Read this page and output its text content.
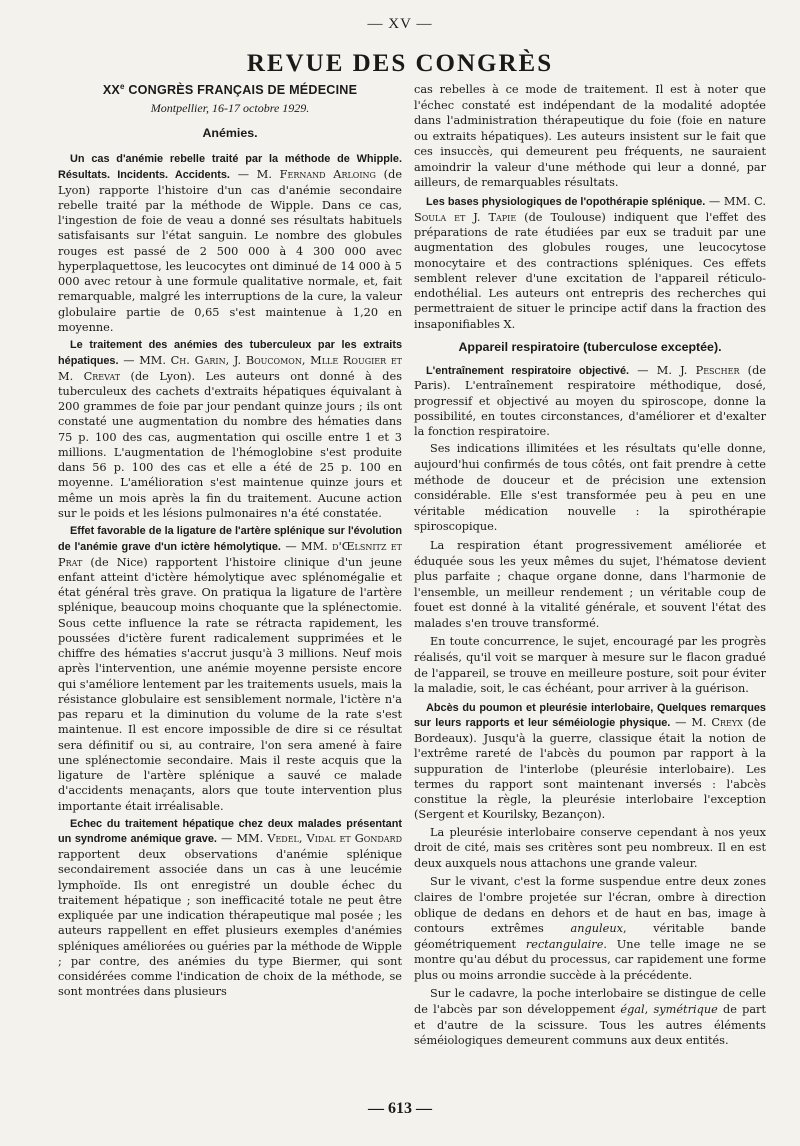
— XV —
REVUE DES CONGRÈS
XXe CONGRÈS FRANÇAIS DE MÉDECINE
Montpellier, 16-17 octobre 1929.
Anémies.

Un cas d'anémie rebelle traité par la méthode de Whipple. Résultats. Incidents. Accidents. — M. Fernand Arloing (de Lyon) rapporte l'histoire d'un cas d'anémie secondaire rebelle traité par la méthode de Wipple. Dans ce cas, l'ingestion de foie de veau a donné ses résultats habituels satisfaisants sur l'état sanguin. Le nombre des globules rouges est passé de 2 500 000 à 4 300 000 avec hyperplaquettose, les leucocytes ont diminué de 14 000 à 5 000 avec retour à une formule qualitative normale, et, fait remarquable, malgré les interruptions de la cure, la valeur globulaire partie de 0,65 s'est maintenue à 1,20 en moyenne.

Le traitement des anémies des tuberculeux par les extraits hépatiques. — MM. Ch. Garin, J. Boucomon, Mlle Rougier et M. Crevat (de Lyon). Les auteurs ont donné à des tuberculeux des cachets d'extraits hépatiques équivalant à 200 grammes de foie par jour pendant quinze jours ; ils ont constaté une augmentation du nombre des hématies dans 75 p. 100 des cas, augmentation qui oscille entre 1 et 3 millions. L'augmentation de l'hémoglobine s'est produite dans 56 p. 100 des cas et elle a été de 25 p. 100 en moyenne. L'amélioration s'est maintenue quinze jours et même un mois après la fin du traitement. Aucune action sur le poids et les lésions pulmonaires n'a été constatée.

Effet favorable de la ligature de l'artère splénique sur l'évolution de l'anémie grave d'un ictère hémolytique. — MM. d'Œlsnitz et Prat (de Nice) rapportent l'histoire clinique d'un jeune enfant atteint d'ictère hémolytique avec splénomégalie et état général très grave. On pratiqua la ligature de l'artère splénique, beaucoup moins choquante que la splénectomie. Sous cette influence la rate se rétracta rapidement, les poussées d'ictère furent radicalement supprimées et le chiffre des hématies s'accrut jusqu'à 3 millions. Neuf mois après l'intervention, une anémie moyenne persiste encore qui s'améliore lentement par les traitements usuels, mais la résistance globulaire est sensiblement normale, l'ictère n'a pas reparu et la diminution du volume de la rate s'est maintenue. Il est encore impossible de dire si ce résultat sera définitif ou si, au contraire, l'on sera amené à faire une splénectomie secondaire. Mais il reste acquis que la ligature de l'artère splénique a sauvé ce malade d'accidents menaçants, alors que toute intervention plus importante était irréalisable.

Echec du traitement hépatique chez deux malades présentant un syndrome anémique grave. — MM. Vedel, Vidal et Gondard rapportent deux observations d'anémie splénique secondairement associée dans un cas à une leucémie lymphoïde. Ils ont enregistré un double échec du traitement hépatique ; son inefficacité totale ne peut être expliquée par une indication thérapeutique mal posée ; les auteurs rappellent en effet plusieurs exemples d'anémies spléniques améliorées ou guéries par la méthode de Wipple ; par contre, des anémies du type Biermer, qui sont considérées comme l'indication de choix de la méthode, se sont montrées dans plusieurs

cas rebelles à ce mode de traitement. Il est à noter que l'échec constaté est indépendant de la modalité adoptée dans l'administration thérapeutique du foie (foie en nature ou extraits hépatiques). Les auteurs insistent sur le fait que ces insuccès, qui demeurent peu fréquents, ne sauraient amoindrir la valeur d'une méthode qui leur a donné, par ailleurs, de remarquables résultats.

Les bases physiologiques de l'opothérapie splénique. — MM. C. Soula et J. Tapie (de Toulouse) indiquent que l'effet des préparations de rate étudiées par eux se traduit par une augmentation des globules rouges, une leucocytose monocytaire et des contractions spléniques. Ces effets semblent relever d'une excitation de l'appareil réticulo-endothélial. Les auteurs ont entrepris des recherches qui permettraient de situer le principe actif dans la fraction des insaponifiables X.

Appareil respiratoire (tuberculose exceptée).

L'entraînement respiratoire objectivé. — M. J. Pescher (de Paris). L'entraînement respiratoire méthodique, dosé, progressif et objectivé au moyen du spiroscope, donne la possibilité, en toutes circonstances, d'améliorer et d'exalter la fonction respiratoire.

Ses indications illimitées et les résultats qu'elle donne, aujourd'hui confirmés de tous côtés, ont fait prendre à cette méthode de douceur et de précision une extension considérable. Elle s'est transformée peu à peu en une véritable médication nouvelle : la spirothérapie spiroscopique.

La respiration étant progressivement améliorée et éduquée sous les yeux mêmes du sujet, l'hématose devient plus parfaite ; chaque organe donne, dans l'harmonie de l'ensemble, un meilleur rendement ; un véritable coup de fouet est donné à la vitalité générale, et souvent l'état des malades s'en trouve transformé.

En toute concurrence, le sujet, encouragé par les progrès réalisés, qu'il voit se marquer à mesure sur le flacon gradué de l'appareil, se trouve en meilleure posture, soit pour éviter la maladie, soit, le cas échéant, pour arriver à la guérison.

Abcès du poumon et pleurésie interlobaire, Quelques remarques sur leurs rapports et leur séméiologie physique. — M. Creyx (de Bordeaux). Jusqu'à la guerre, classique était la notion de l'extrême rareté de l'abcès du poumon par rapport à la suppuration de l'interlobe (pleurésie interlobaire). Les termes du rapport sont maintenant inversés : l'abcès constitue la règle, la pleurésie interlobaire l'exception (Sergent et Kourilsky, Bezançon).

La pleurésie interlobaire conserve cependant à nos yeux droit de cité, mais ses critères sont peu nombreux. Il en est deux auxquels nous attachons une grande valeur.

Sur le vivant, c'est la forme suspendue entre deux zones claires de l'ombre projetée sur l'écran, ombre à direction oblique de dedans en dehors et de haut en bas, image à contours extrêmes anguleux, véritable bande géométriquement rectangulaire. Une telle image ne se montre qu'au début du processus, car rapidement une forme plus ou moins arrondie succède à la précédente.

Sur le cadavre, la poche interlobaire se distingue de celle de l'abcès par son développement égal, symétrique de part et d'autre de la scissure. Tous les autres éléments séméiologiques demeurent communs aux deux entités.

— 613 —
